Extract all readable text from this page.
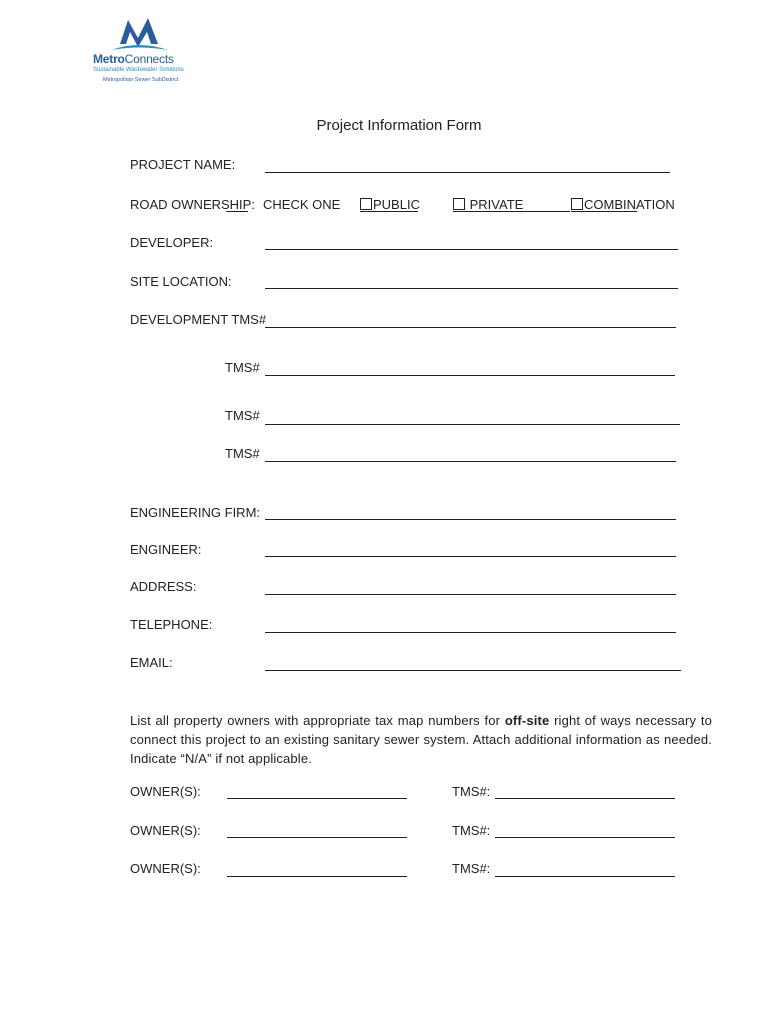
MetroConnects
Sustainable Wastewater Solutions
Metropolitan Sewer SubDistrict
Project Information Form
PROJECT NAME:
ROAD OWNERSHIP: CHECK ONE	PUBLIC	PRIVATE	COMBINATION
DEVELOPER:
SITE LOCATION:
DEVELOPMENT TMS#
TMS#
TMS#
TMS#
ENGINEERING FIRM:
ENGINEER:
ADDRESS:
TELEPHONE:
EMAIL:
List all property owners with appropriate tax map numbers for off-site right of ways necessary to connect this project to an existing sanitary sewer system. Attach additional information as needed. Indicate “N/A” if not applicable.
OWNER(S):	TMS#:
OWNER(S):	TMS#:
OWNER(S):	TMS#:
